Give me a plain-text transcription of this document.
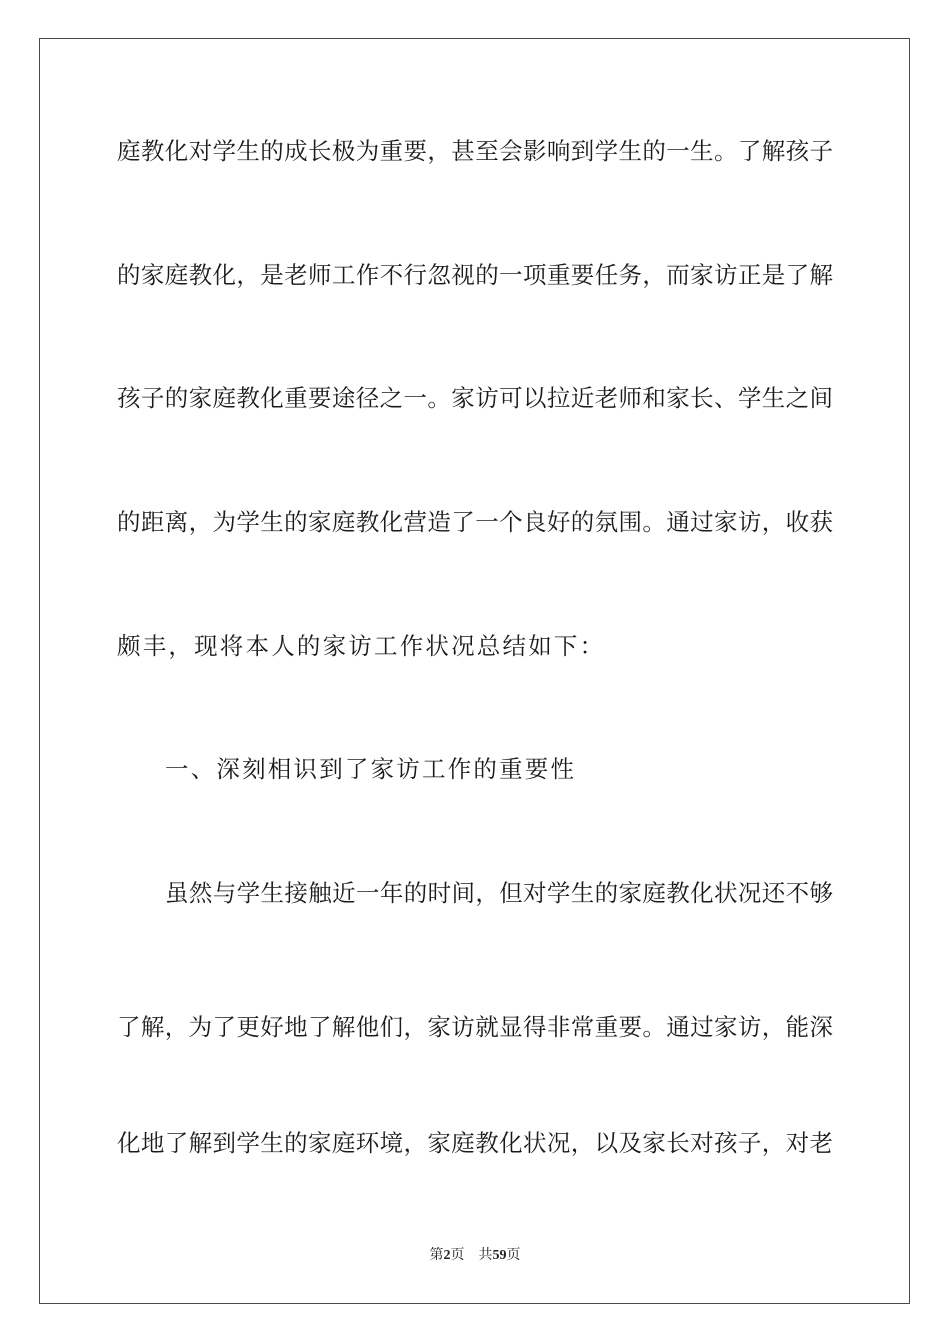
庭教化对学生的成长极为重要，甚至会影响到学生的一生。了解孩子
的家庭教化，是老师工作不行忽视的一项重要任务，而家访正是了解
孩子的家庭教化重要途径之一。家访可以拉近老师和家长、学生之间
的距离，为学生的家庭教化营造了一个良好的氛围。通过家访，收获
颇丰，现将本人的家访工作状况总结如下：
一、深刻相识到了家访工作的重要性
虽然与学生接触近一年的时间，但对学生的家庭教化状况还不够
了解，为了更好地了解他们，家访就显得非常重要。通过家访，能深
化地了解到学生的家庭环境，家庭教化状况，以及家长对孩子，对老
第2页 共59页
